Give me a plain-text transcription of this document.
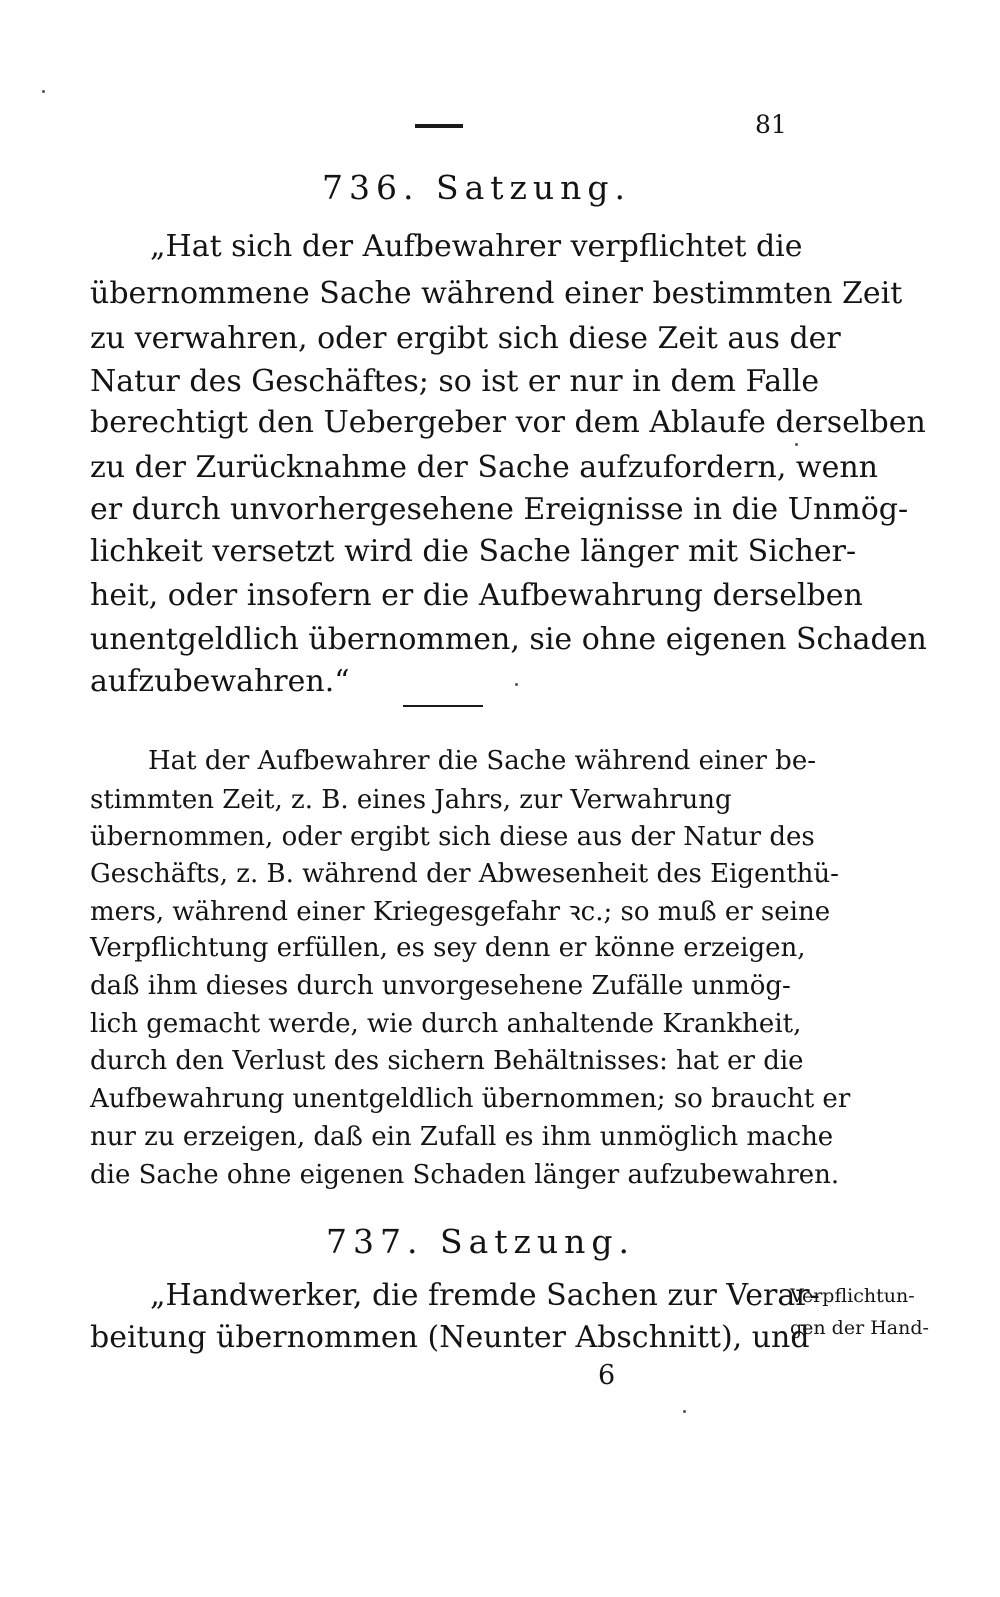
81
736. Satzung.
„Hat sich der Aufbewahrer verpflichtet die
übernommene Sache während einer bestimmten Zeit
zu verwahren, oder ergibt sich diese Zeit aus der
Natur des Geschäftes; so ist er nur in dem Falle
berechtigt den Uebergeber vor dem Ablaufe derselben
zu der Zurücknahme der Sache aufzufordern, wenn
er durch unvorhergesehene Ereignisse in die Unmög-
lichkeit versetzt wird die Sache länger mit Sicher-
heit, oder insofern er die Aufbewahrung derselben
unentgeldlich übernommen, sie ohne eigenen Schaden
aufzubewahren.“
Hat der Aufbewahrer die Sache während einer be-
stimmten Zeit, z. B. eines Jahrs, zur Verwahrung
übernommen, oder ergibt sich diese aus der Natur des
Geschäfts, z. B. während der Abwesenheit des Eigenthü-
mers, während einer Kriegesgefahr ꝛc.; so muß er seine
Verpflichtung erfüllen, es sey denn er könne erzeigen,
daß ihm dieses durch unvorgesehene Zufälle unmög-
lich gemacht werde, wie durch anhaltende Krankheit,
durch den Verlust des sichern Behältnisses: hat er die
Aufbewahrung unentgeldlich übernommen; so braucht er
nur zu erzeigen, daß ein Zufall es ihm unmöglich mache
die Sache ohne eigenen Schaden länger aufzubewahren.
737. Satzung.
„Handwerker, die fremde Sachen zur Verar-
beitung übernommen (Neunter Abschnitt), und
Verpflichtun-
gen der Hand-
6
